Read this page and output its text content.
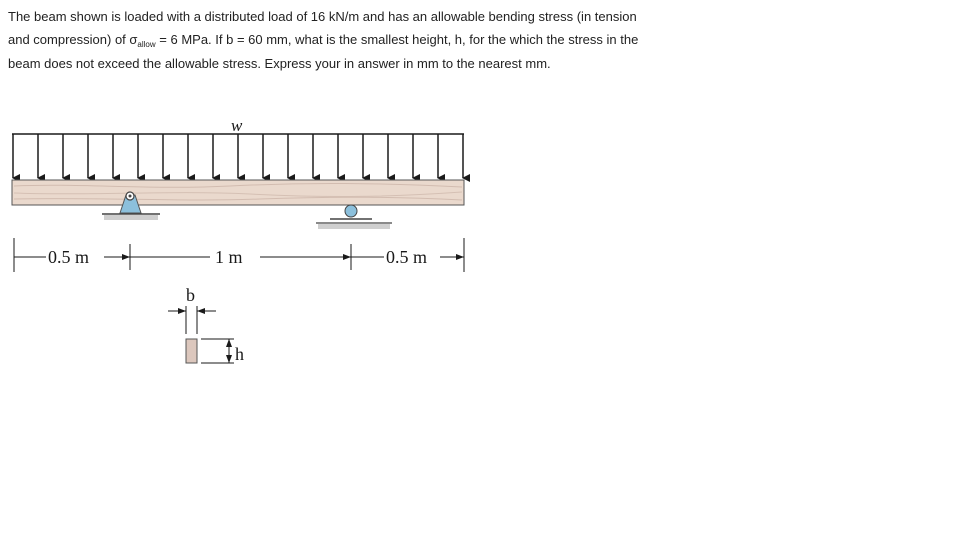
The beam shown is loaded with a distributed load of 16 kN/m and has an allowable bending stress (in tension and compression) of $\sigma_{allow} = 6$ MPa. If b = 60 mm, what is the smallest height, h, for the which the stress in the beam does not exceed the allowable stress. Express your in answer in mm to the nearest mm.

w
0.5 m	1 m	0.5 m
b
h
